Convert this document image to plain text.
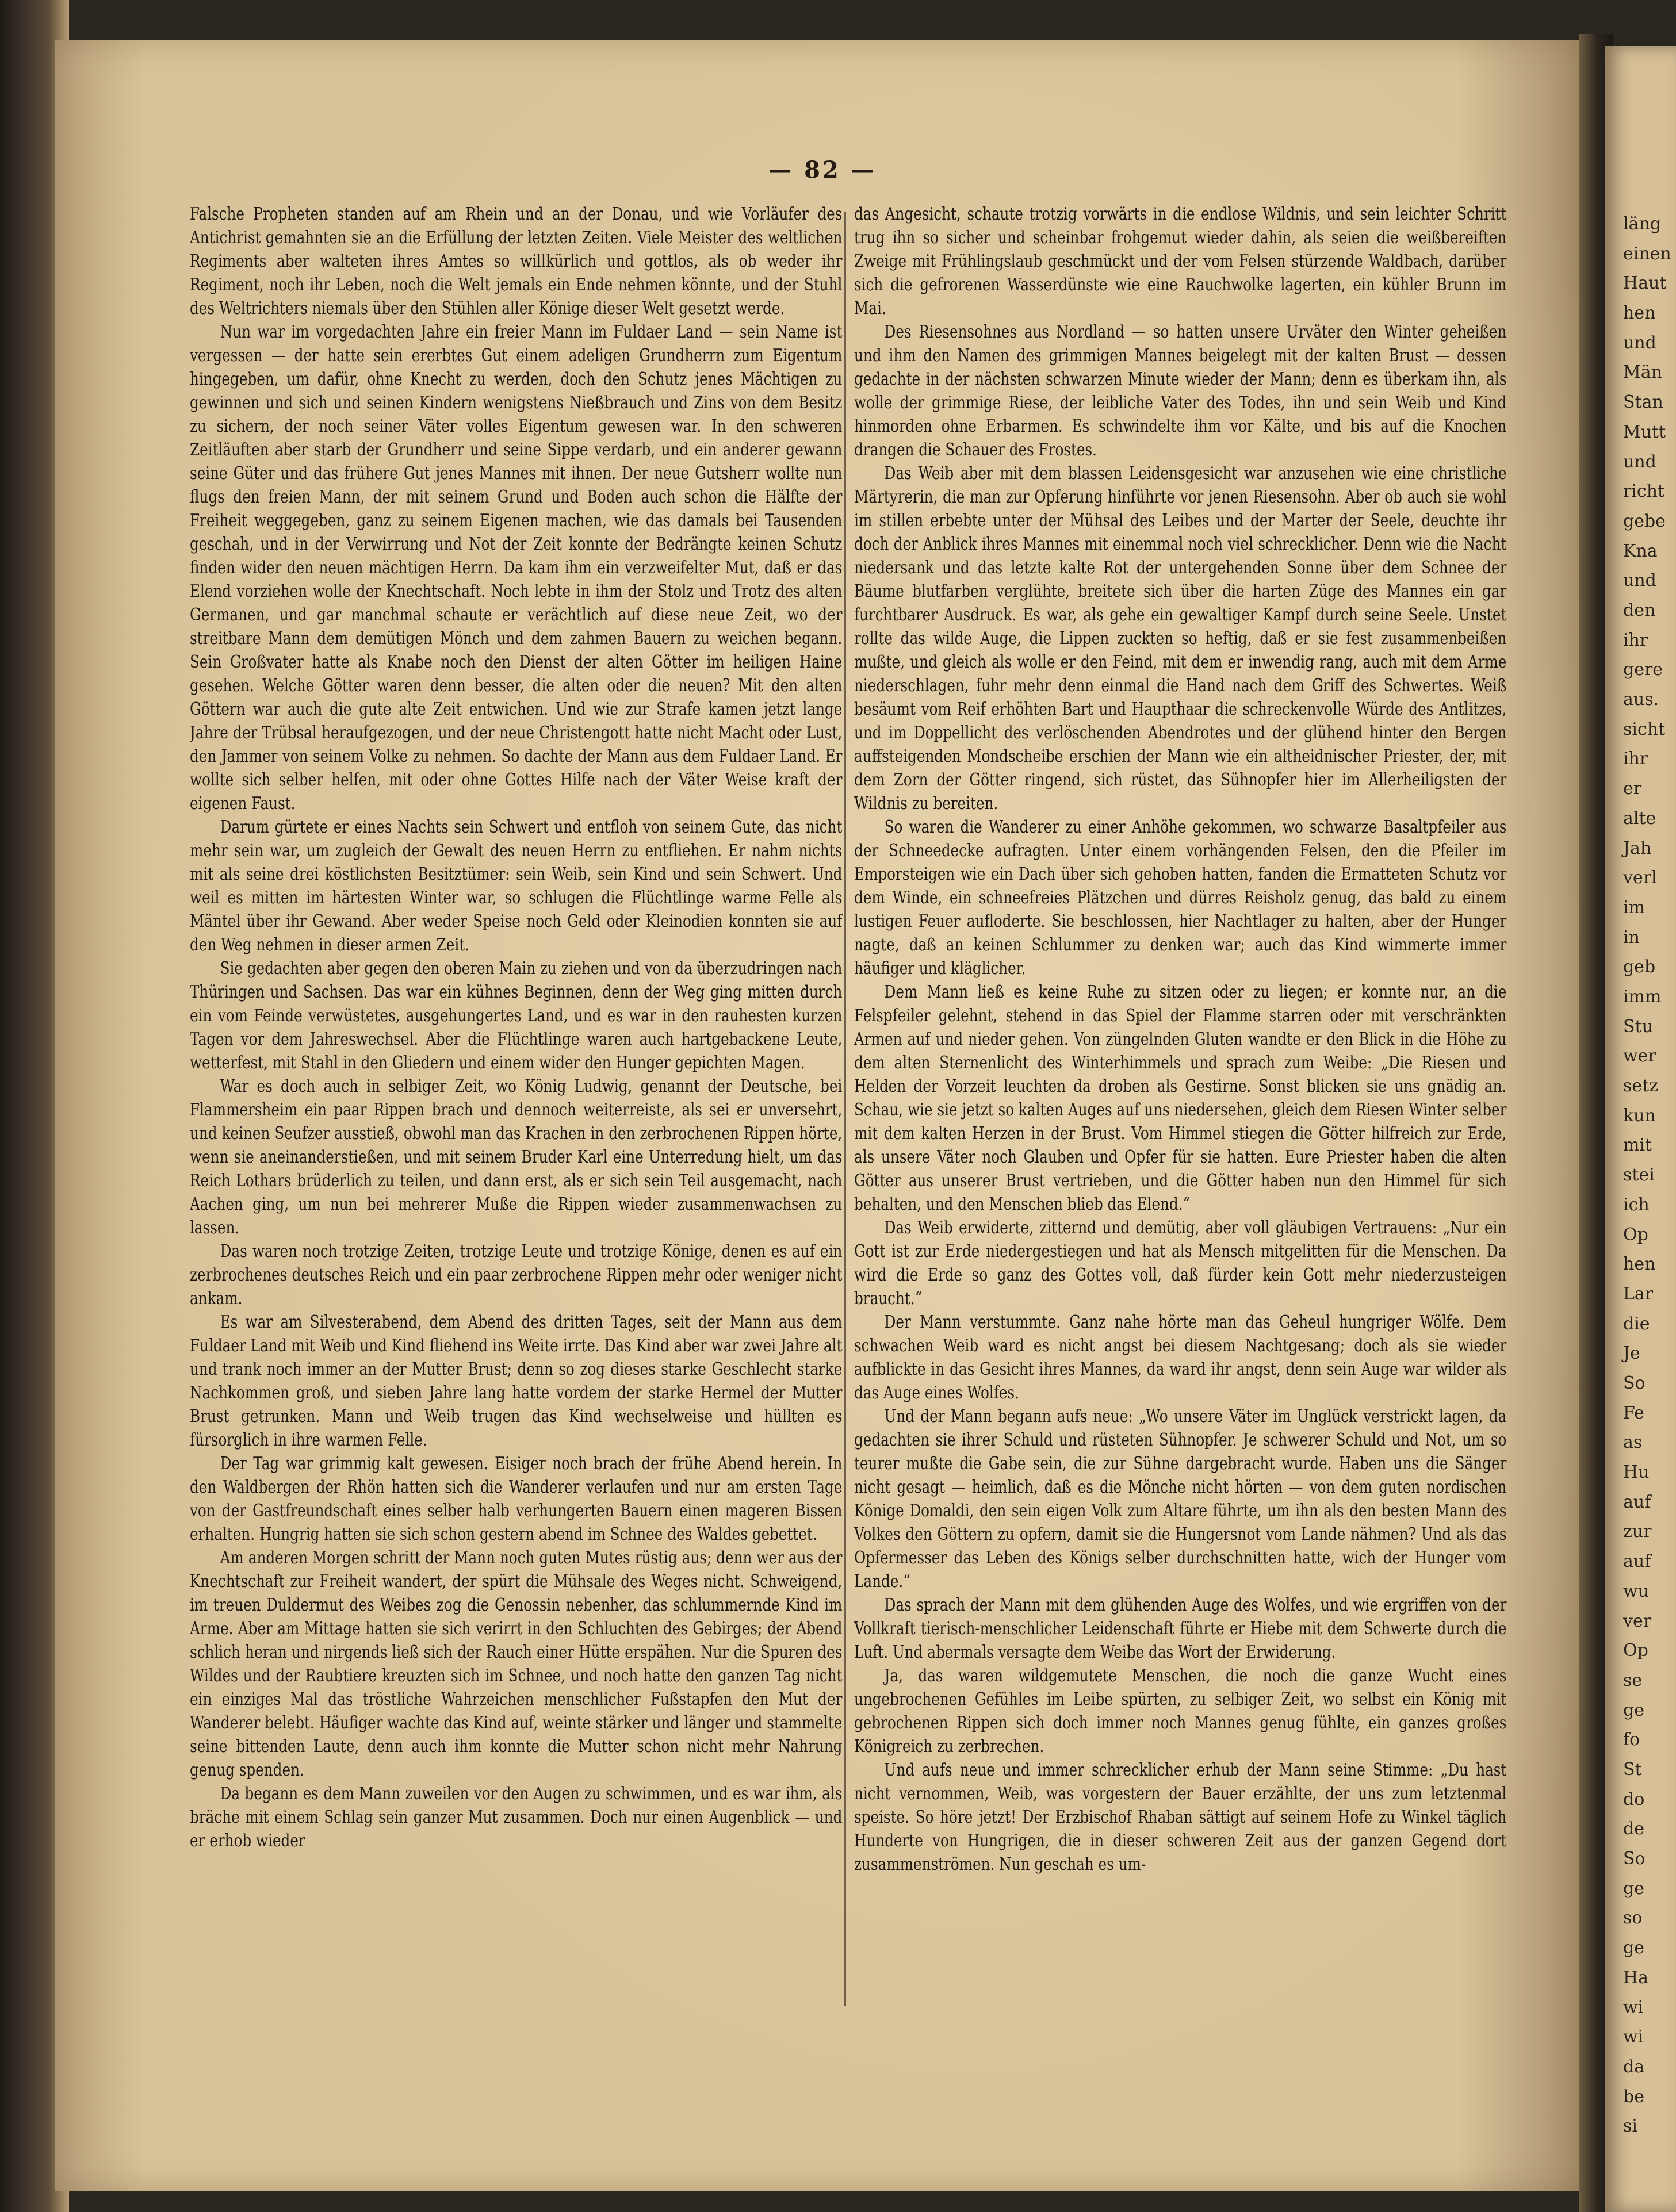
— 82 —

Falsche Propheten standen auf am Rhein und an der Donau, und wie Vorläufer des Antichrist gemahnten sie an die Erfüllung der letzten Zeiten. Viele Meister des weltlichen Regiments aber walteten ihres Amtes so willkürlich und gottlos, als ob weder ihr Regiment, noch ihr Leben, noch die Welt jemals ein Ende nehmen könnte, und der Stuhl des Weltrichters niemals über den Stühlen aller Könige dieser Welt gesetzt werde.

Nun war im vorgedachten Jahre ein freier Mann im Fuldaer Land — sein Name ist vergessen — der hatte sein ererbtes Gut einem adeligen Grundherrn zum Eigentum hingegeben, um dafür, ohne Knecht zu werden, doch den Schutz jenes Mächtigen zu gewinnen und sich und seinen Kindern wenigstens Nießbrauch und Zins von dem Besitz zu sichern, der noch seiner Väter volles Eigentum gewesen war. In den schweren Zeitläuften aber starb der Grundherr und seine Sippe verdarb, und ein anderer gewann seine Güter und das frühere Gut jenes Mannes mit ihnen. Der neue Gutsherr wollte nun flugs den freien Mann, der mit seinem Grund und Boden auch schon die Hälfte der Freiheit weggegeben, ganz zu seinem Eigenen machen, wie das damals bei Tausenden geschah, und in der Verwirrung und Not der Zeit konnte der Bedrängte keinen Schutz finden wider den neuen mächtigen Herrn. Da kam ihm ein verzweifelter Mut, daß er das Elend vorziehen wolle der Knechtschaft. Noch lebte in ihm der Stolz und Trotz des alten Germanen, und gar manchmal schaute er verächtlich auf diese neue Zeit, wo der streitbare Mann dem demütigen Mönch und dem zahmen Bauern zu weichen begann. Sein Großvater hatte als Knabe noch den Dienst der alten Götter im heiligen Haine gesehen. Welche Götter waren denn besser, die alten oder die neuen? Mit den alten Göttern war auch die gute alte Zeit entwichen. Und wie zur Strafe kamen jetzt lange Jahre der Trübsal heraufgezogen, und der neue Christengott hatte nicht Macht oder Lust, den Jammer von seinem Volke zu nehmen. So dachte der Mann aus dem Fuldaer Land. Er wollte sich selber helfen, mit oder ohne Gottes Hilfe nach der Väter Weise kraft der eigenen Faust.

Darum gürtete er eines Nachts sein Schwert und entfloh von seinem Gute, das nicht mehr sein war, um zugleich der Gewalt des neuen Herrn zu entfliehen. Er nahm nichts mit als seine drei köstlichsten Besitztümer: sein Weib, sein Kind und sein Schwert. Und weil es mitten im härtesten Winter war, so schlugen die Flüchtlinge warme Felle als Mäntel über ihr Gewand. Aber weder Speise noch Geld oder Kleinodien konnten sie auf den Weg nehmen in dieser armen Zeit.

Sie gedachten aber gegen den oberen Main zu ziehen und von da überzudringen nach Thüringen und Sachsen. Das war ein kühnes Beginnen, denn der Weg ging mitten durch ein vom Feinde verwüstetes, ausgehungertes Land, und es war in den rauhesten kurzen Tagen vor dem Jahreswechsel. Aber die Flüchtlinge waren auch hartgebackene Leute, wetterfest, mit Stahl in den Gliedern und einem wider den Hunger gepichten Magen.

War es doch auch in selbiger Zeit, wo König Ludwig, genannt der Deutsche, bei Flammersheim ein paar Rippen brach und dennoch weiterreiste, als sei er unversehrt, und keinen Seufzer ausstieß, obwohl man das Krachen in den zerbrochenen Rippen hörte, wenn sie aneinanderstießen, und mit seinem Bruder Karl eine Unterredung hielt, um das Reich Lothars brüderlich zu teilen, und dann erst, als er sich sein Teil ausgemacht, nach Aachen ging, um nun bei mehrerer Muße die Rippen wieder zusammenwachsen zu lassen.

Das waren noch trotzige Zeiten, trotzige Leute und trotzige Könige, denen es auf ein zerbrochenes deutsches Reich und ein paar zerbrochene Rippen mehr oder weniger nicht ankam.

Es war am Silvesterabend, dem Abend des dritten Tages, seit der Mann aus dem Fuldaer Land mit Weib und Kind fliehend ins Weite irrte. Das Kind aber war zwei Jahre alt und trank noch immer an der Mutter Brust; denn so zog dieses starke Geschlecht starke Nachkommen groß, und sieben Jahre lang hatte vordem der starke Hermel der Mutter Brust getrunken. Mann und Weib trugen das Kind wechselweise und hüllten es fürsorglich in ihre warmen Felle.

Der Tag war grimmig kalt gewesen. Eisiger noch brach der frühe Abend herein. In den Waldbergen der Rhön hatten sich die Wanderer verlaufen und nur am ersten Tage von der Gastfreundschaft eines selber halb verhungerten Bauern einen mageren Bissen erhalten. Hungrig hatten sie sich schon gestern abend im Schnee des Waldes gebettet.

Am anderen Morgen schritt der Mann noch guten Mutes rüstig aus; denn wer aus der Knechtschaft zur Freiheit wandert, der spürt die Mühsale des Weges nicht. Schweigend, im treuen Duldermut des Weibes zog die Genossin nebenher, das schlummernde Kind im Arme. Aber am Mittage hatten sie sich verirrt in den Schluchten des Gebirges; der Abend schlich heran und nirgends ließ sich der Rauch einer Hütte erspähen. Nur die Spuren des Wildes und der Raubtiere kreuzten sich im Schnee, und noch hatte den ganzen Tag nicht ein einziges Mal das tröstliche Wahrzeichen menschlicher Fußstapfen den Mut der Wanderer belebt. Häufiger wachte das Kind auf, weinte stärker und länger und stammelte seine bittenden Laute, denn auch ihm konnte die Mutter schon nicht mehr Nahrung genug spenden.

Da begann es dem Mann zuweilen vor den Augen zu schwimmen, und es war ihm, als bräche mit einem Schlag sein ganzer Mut zusammen. Doch nur einen Augenblick — und er erhob wieder

das Angesicht, schaute trotzig vorwärts in die endlose Wildnis, und sein leichter Schritt trug ihn so sicher und scheinbar frohgemut wieder dahin, als seien die weißbereiften Zweige mit Frühlingslaub geschmückt und der vom Felsen stürzende Waldbach, darüber sich die gefrorenen Wasserdünste wie eine Rauchwolke lagerten, ein kühler Brunn im Mai.

Des Riesensohnes aus Nordland — so hatten unsere Urväter den Winter geheißen und ihm den Namen des grimmigen Mannes beigelegt mit der kalten Brust — dessen gedachte in der nächsten schwarzen Minute wieder der Mann; denn es überkam ihn, als wolle der grimmige Riese, der leibliche Vater des Todes, ihn und sein Weib und Kind hinmorden ohne Erbarmen. Es schwindelte ihm vor Kälte, und bis auf die Knochen drangen die Schauer des Frostes.

Das Weib aber mit dem blassen Leidensgesicht war anzusehen wie eine christliche Märtyrerin, die man zur Opferung hinführte vor jenen Riesensohn. Aber ob auch sie wohl im stillen erbebte unter der Mühsal des Leibes und der Marter der Seele, deuchte ihr doch der Anblick ihres Mannes mit einemmal noch viel schrecklicher. Denn wie die Nacht niedersank und das letzte kalte Rot der untergehenden Sonne über dem Schnee der Bäume blutfarben verglühte, breitete sich über die harten Züge des Mannes ein gar furchtbarer Ausdruck. Es war, als gehe ein gewaltiger Kampf durch seine Seele. Unstet rollte das wilde Auge, die Lippen zuckten so heftig, daß er sie fest zusammenbeißen mußte, und gleich als wolle er den Feind, mit dem er inwendig rang, auch mit dem Arme niederschlagen, fuhr mehr denn einmal die Hand nach dem Griff des Schwertes. Weiß besäumt vom Reif erhöhten Bart und Haupthaar die schreckenvolle Würde des Antlitzes, und im Doppellicht des verlöschenden Abendrotes und der glühend hinter den Bergen auffsteigenden Mondscheibe erschien der Mann wie ein altheidnischer Priester, der, mit dem Zorn der Götter ringend, sich rüstet, das Sühnopfer hier im Allerheiligsten der Wildnis zu bereiten.

So waren die Wanderer zu einer Anhöhe gekommen, wo schwarze Basaltpfeiler aus der Schneedecke aufragten. Unter einem vorhängenden Felsen, den die Pfeiler im Emporsteigen wie ein Dach über sich gehoben hatten, fanden die Ermatteten Schutz vor dem Winde, ein schneefreies Plätzchen und dürres Reisholz genug, das bald zu einem lustigen Feuer aufloderte. Sie beschlossen, hier Nachtlager zu halten, aber der Hunger nagte, daß an keinen Schlummer zu denken war; auch das Kind wimmerte immer häufiger und kläglicher.

Dem Mann ließ es keine Ruhe zu sitzen oder zu liegen; er konnte nur, an die Felspfeiler gelehnt, stehend in das Spiel der Flamme starren oder mit verschränkten Armen auf und nieder gehen. Von züngelnden Gluten wandte er den Blick in die Höhe zu dem alten Sternenlicht des Winterhimmels und sprach zum Weibe: „Die Riesen und Helden der Vorzeit leuchten da droben als Gestirne. Sonst blicken sie uns gnädig an. Schau, wie sie jetzt so kalten Auges auf uns niedersehen, gleich dem Riesen Winter selber mit dem kalten Herzen in der Brust. Vom Himmel stiegen die Götter hilfreich zur Erde, als unsere Väter noch Glauben und Opfer für sie hatten. Eure Priester haben die alten Götter aus unserer Brust vertrieben, und die Götter haben nun den Himmel für sich behalten, und den Menschen blieb das Elend.“

Das Weib erwiderte, zitternd und demütig, aber voll gläubigen Vertrauens: „Nur ein Gott ist zur Erde niedergestiegen und hat als Mensch mitgelitten für die Menschen. Da wird die Erde so ganz des Gottes voll, daß fürder kein Gott mehr niederzusteigen braucht.“

Der Mann verstummte. Ganz nahe hörte man das Geheul hungriger Wölfe. Dem schwachen Weib ward es nicht angst bei diesem Nachtgesang; doch als sie wieder aufblickte in das Gesicht ihres Mannes, da ward ihr angst, denn sein Auge war wilder als das Auge eines Wolfes.

Und der Mann begann aufs neue: „Wo unsere Väter im Unglück verstrickt lagen, da gedachten sie ihrer Schuld und rüsteten Sühnopfer. Je schwerer Schuld und Not, um so teurer mußte die Gabe sein, die zur Sühne dargebracht wurde. Haben uns die Sänger nicht gesagt — heimlich, daß es die Mönche nicht hörten — von dem guten nordischen Könige Domaldi, den sein eigen Volk zum Altare führte, um ihn als den besten Mann des Volkes den Göttern zu opfern, damit sie die Hungersnot vom Lande nähmen? Und als das Opfermesser das Leben des Königs selber durchschnitten hatte, wich der Hunger vom Lande.“

Das sprach der Mann mit dem glühenden Auge des Wolfes, und wie ergriffen von der Vollkraft tierisch-menschlicher Leidenschaft führte er Hiebe mit dem Schwerte durch die Luft. Und abermals versagte dem Weibe das Wort der Erwiderung.

Ja, das waren wildgemutete Menschen, die noch die ganze Wucht eines ungebrochenen Gefühles im Leibe spürten, zu selbiger Zeit, wo selbst ein König mit gebrochenen Rippen sich doch immer noch Mannes genug fühlte, ein ganzes großes Königreich zu zerbrechen.

Und aufs neue und immer schrecklicher erhub der Mann seine Stimme: „Du hast nicht vernommen, Weib, was vorgestern der Bauer erzählte, der uns zum letztenmal speiste. So höre jetzt! Der Erzbischof Rhaban sättigt auf seinem Hofe zu Winkel täglich Hunderte von Hungrigen, die in dieser schweren Zeit aus der ganzen Gegend dort zusammenströmen. Nun geschah es um-

läng
einen
Haut
hen
und
Män
Stan
Mutt
und
richt
gebe
Kna
und
den
ihr
gere
aus.
sicht
ihr
er
alte
Jah
verl
im
in
geb
imm
Stu
wer
setz
kun
mit
stei
ich
Op
hen
Lar
die
Je
So
Fe
as
Hu
auf
zur
auf
wu
ver
Op
se
ge
fo
St
do
de
So
ge
so
ge
Ha
wi
wi
da
be
si
